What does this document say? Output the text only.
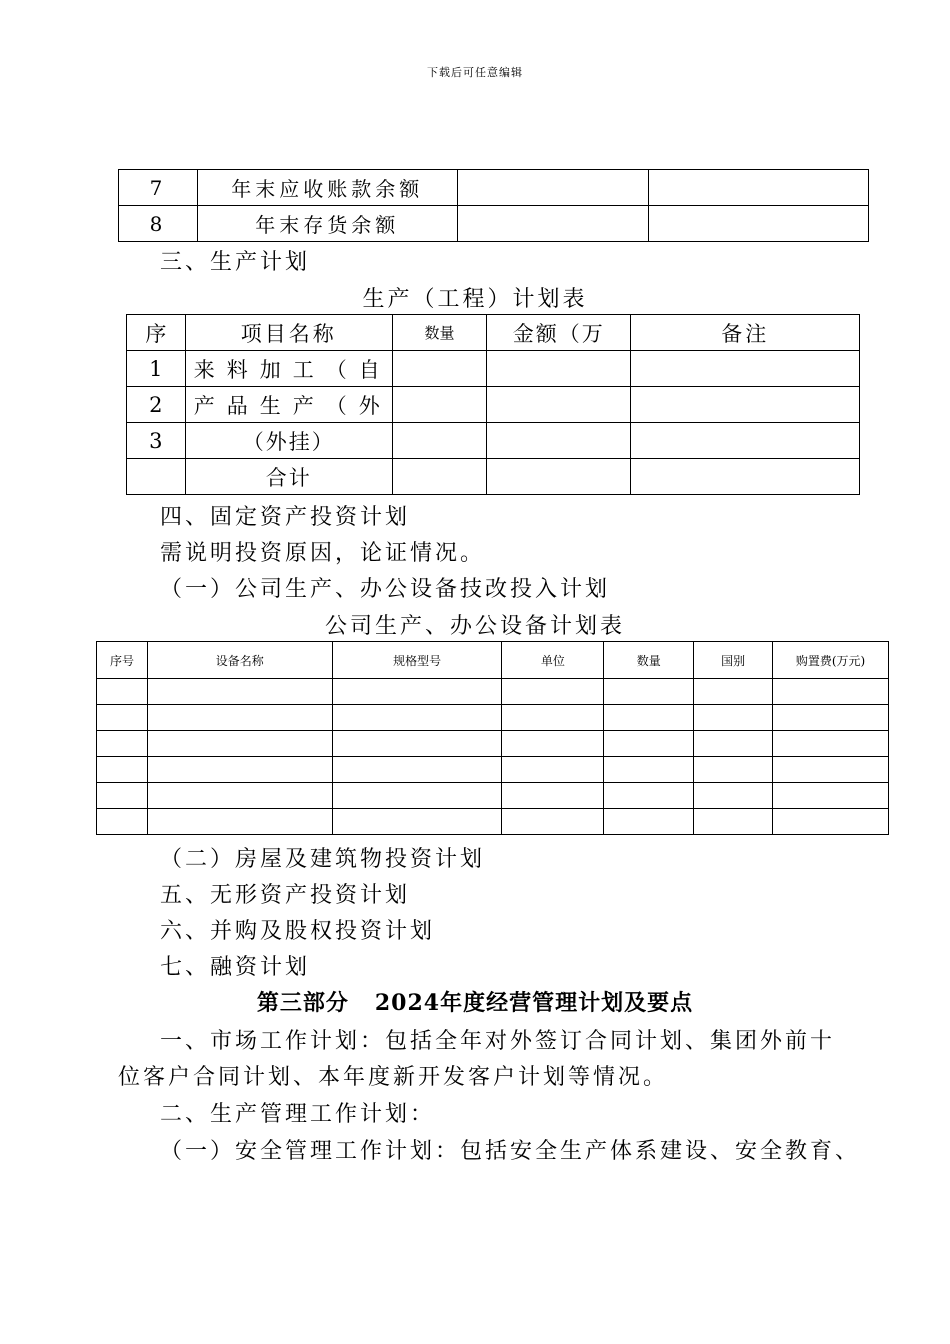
下载后可任意编辑
7	年末应收账款余额		
8	年末存货余额		
三、生产计划
生产（工程）计划表
序	项目名称	数量	金额（万	备注
1	来料加工（自			
2	产品生产（外			
3	（外挂）			
	合计			
四、固定资产投资计划
需说明投资原因，论证情况。
（一）公司生产、办公设备技改投入计划
公司生产、办公设备计划表
序号	设备名称	规格型号	单位	数量	国别	购置费(万元)

（二）房屋及建筑物投资计划
五、无形资产投资计划
六、并购及股权投资计划
七、融资计划
第三部分   2024年度经营管理计划及要点
一、市场工作计划：包括全年对外签订合同计划、集团外前十
位客户合同计划、本年度新开发客户计划等情况。
二、生产管理工作计划：
（一）安全管理工作计划：包括安全生产体系建设、安全教育、
